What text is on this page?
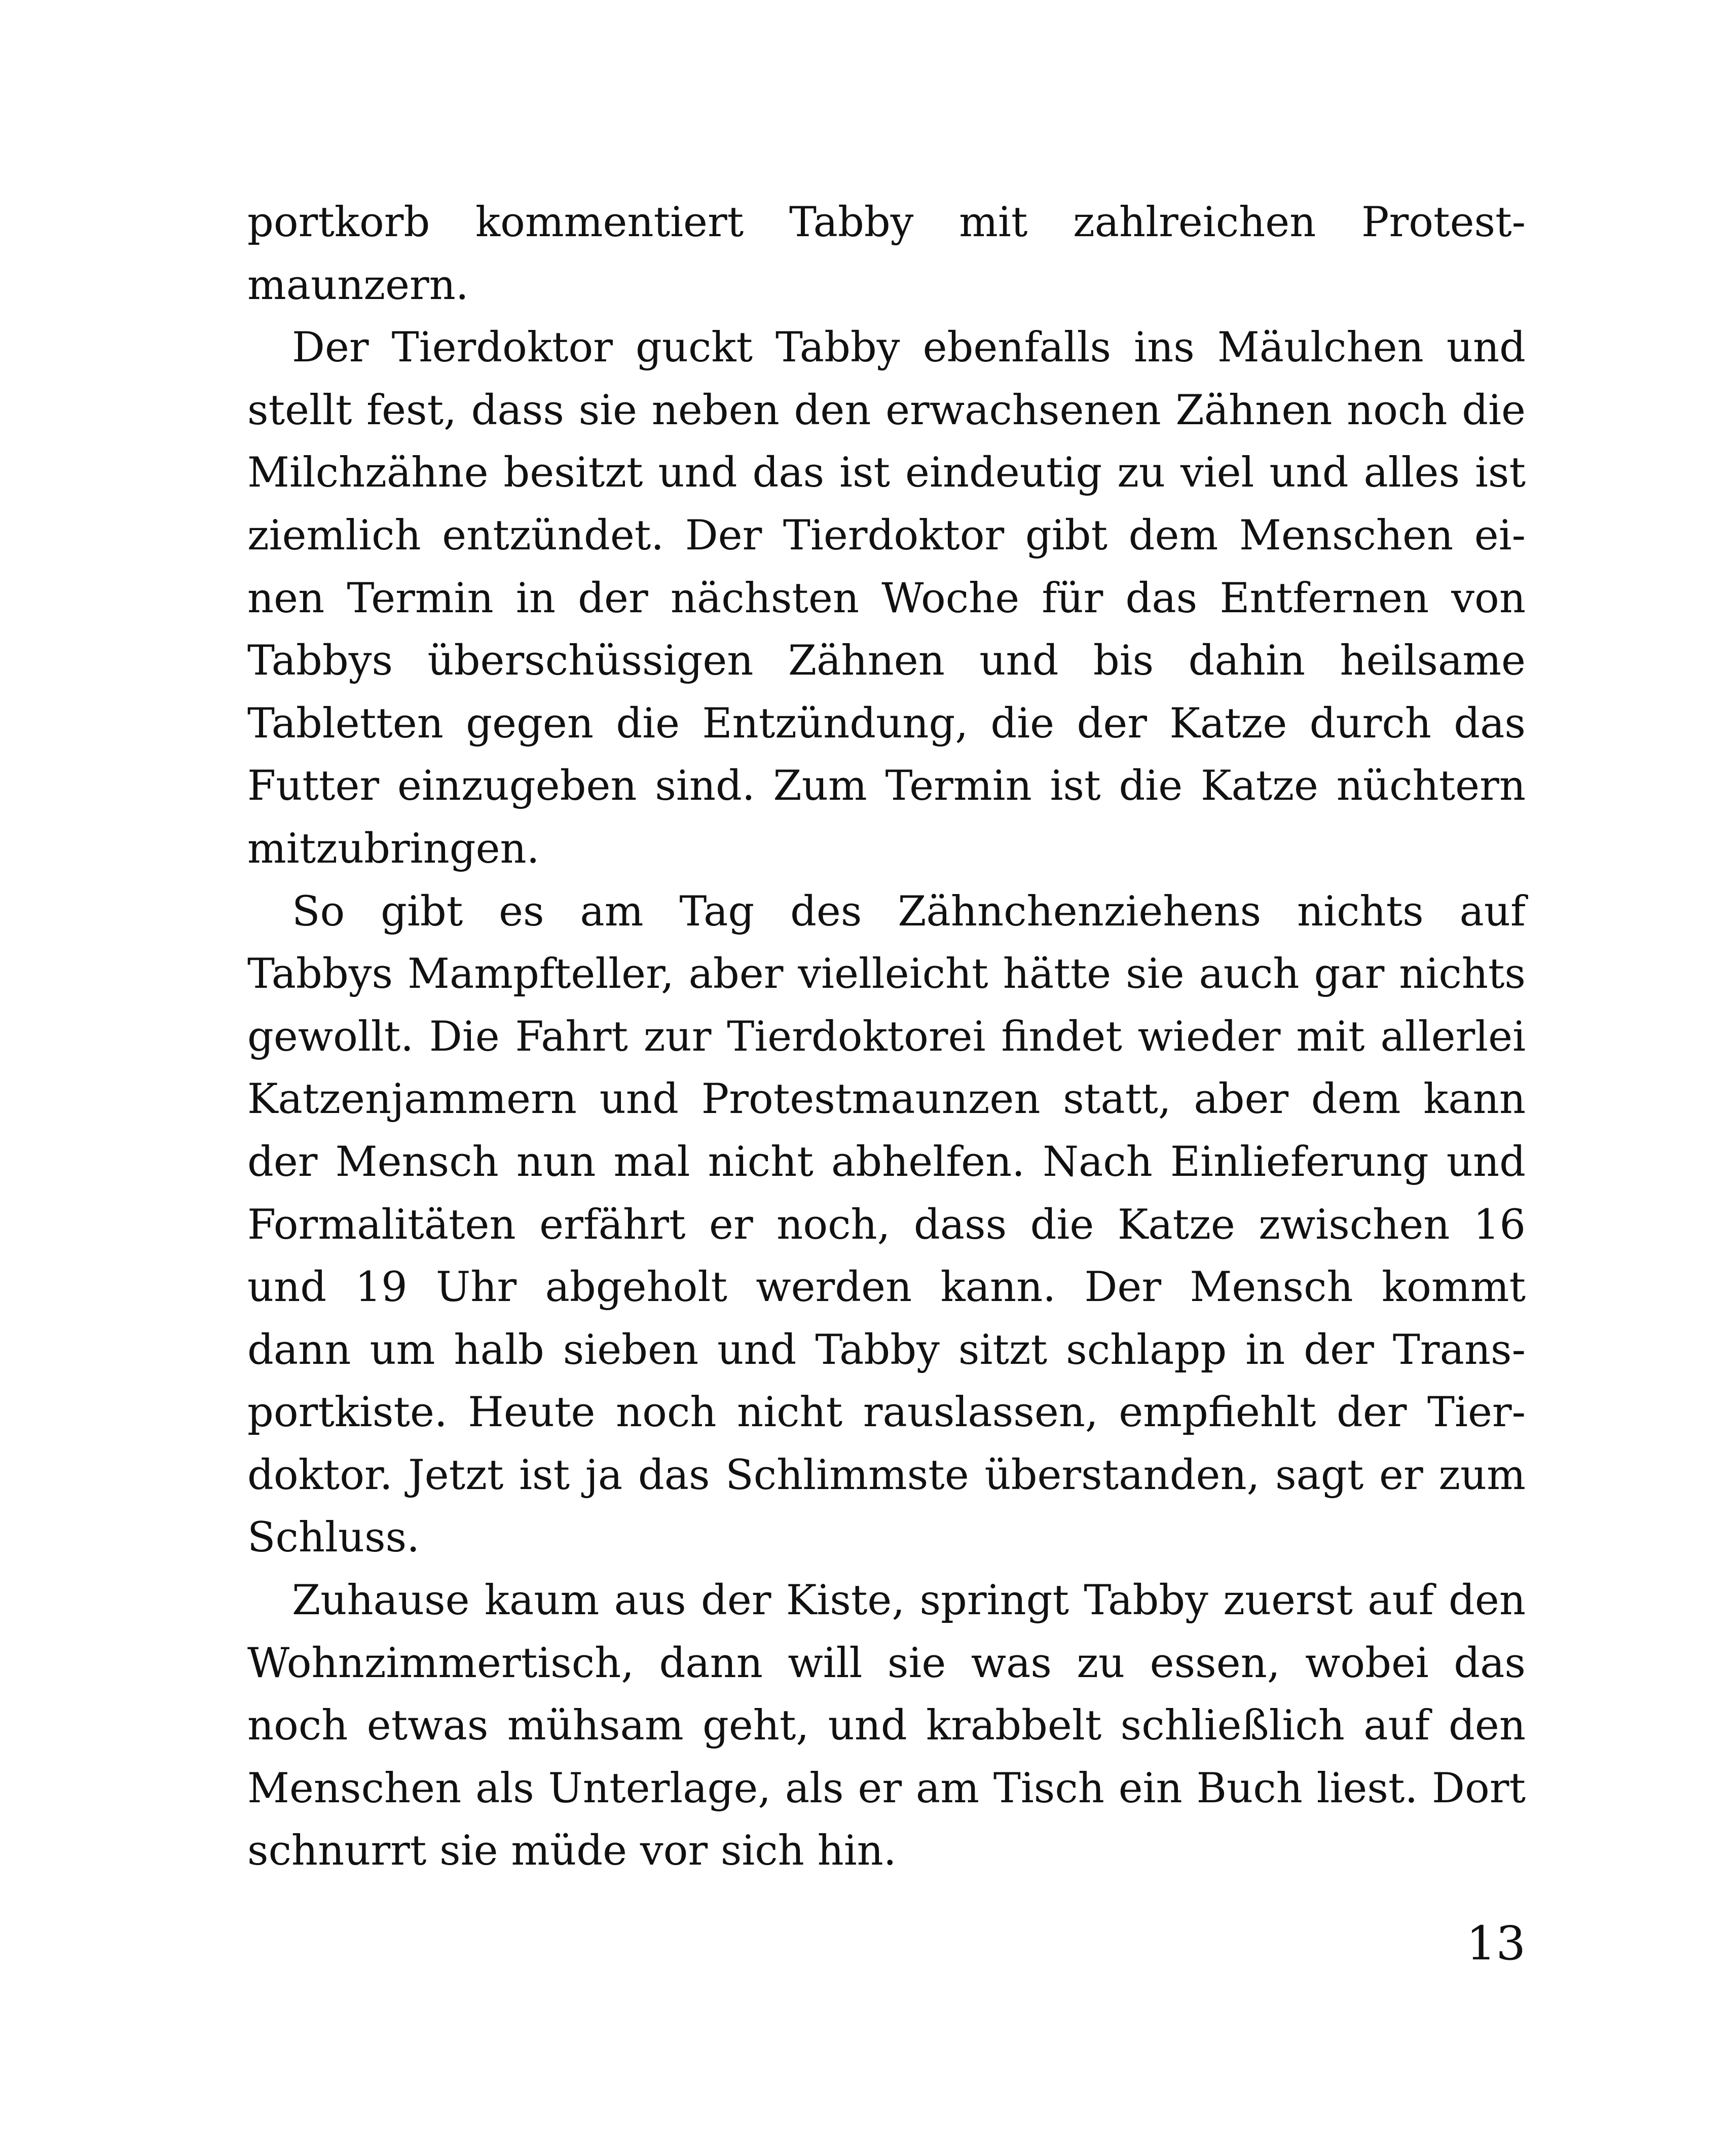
portkorb kommentiert Tabby mit zahlreichen Protest-
maunzern.
Der Tierdoktor guckt Tabby ebenfalls ins Mäulchen und
stellt fest, dass sie neben den erwachsenen Zähnen noch die
Milchzähne besitzt und das ist eindeutig zu viel und alles ist
ziemlich entzündet. Der Tierdoktor gibt dem Menschen ei-
nen Termin in der nächsten Woche für das Entfernen von
Tabbys überschüssigen Zähnen und bis dahin heilsame
Tabletten gegen die Entzündung, die der Katze durch das
Futter einzugeben sind. Zum Termin ist die Katze nüchtern
mitzubringen.
So gibt es am Tag des Zähnchenziehens nichts auf
Tabbys Mampfteller, aber vielleicht hätte sie auch gar nichts
gewollt. Die Fahrt zur Tierdoktorei findet wieder mit allerlei
Katzenjammern und Protestmaunzen statt, aber dem kann
der Mensch nun mal nicht abhelfen. Nach Einlieferung und
Formalitäten erfährt er noch, dass die Katze zwischen 16
und 19 Uhr abgeholt werden kann. Der Mensch kommt
dann um halb sieben und Tabby sitzt schlapp in der Trans-
portkiste. Heute noch nicht rauslassen, empfiehlt der Tier-
doktor. Jetzt ist ja das Schlimmste überstanden, sagt er zum
Schluss.
Zuhause kaum aus der Kiste, springt Tabby zuerst auf den
Wohnzimmertisch, dann will sie was zu essen, wobei das
noch etwas mühsam geht, und krabbelt schließlich auf den
Menschen als Unterlage, als er am Tisch ein Buch liest. Dort
schnurrt sie müde vor sich hin.
13
